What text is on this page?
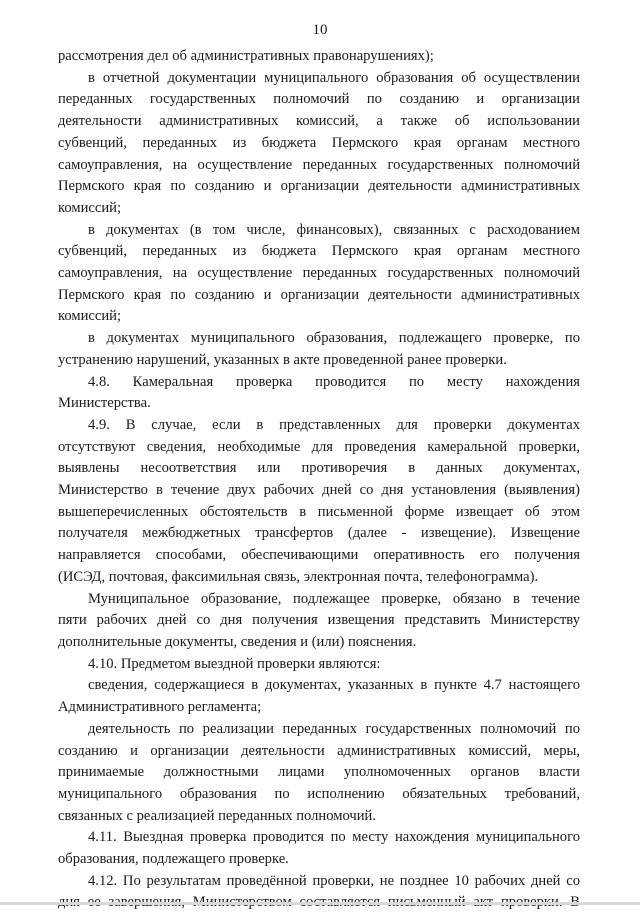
10
рассмотрения дел об административных правонарушениях);
в отчетной документации муниципального образования об осуществлении
переданных государственных полномочий по созданию и организации
деятельности административных комиссий, а также об использовании
субвенций, переданных из бюджета Пермского края органам местного
самоуправления, на осуществление переданных государственных полномочий
Пермского края по созданию и организации деятельности административных
комиссий;
в документах (в том числе, финансовых), связанных с расходованием
субвенций, переданных из бюджета Пермского края органам местного
самоуправления, на осуществление переданных государственных полномочий
Пермского края по созданию и организации деятельности административных
комиссий;
в документах муниципального образования, подлежащего проверке, по
устранению нарушений, указанных в акте проведенной ранее проверки.
4.8. Камеральная проверка проводится по месту нахождения
Министерства.
4.9. В случае, если в представленных для проверки документах
отсутствуют сведения, необходимые для проведения камеральной проверки,
выявлены несоответствия или противоречия в данных документах,
Министерство в течение двух рабочих дней со дня установления (выявления)
вышеперечисленных обстоятельств в письменной форме извещает об этом
получателя межбюджетных трансфертов (далее - извещение). Извещение
направляется способами, обеспечивающими оперативность его получения
(ИСЭД, почтовая, факсимильная связь, электронная почта, телефонограмма).
Муниципальное образование, подлежащее проверке, обязано в течение
пяти рабочих дней со дня получения извещения представить Министерству
дополнительные документы, сведения и (или) пояснения.
4.10. Предметом выездной проверки являются:
сведения, содержащиеся в документах, указанных в пункте 4.7 настоящего
Административного регламента;
деятельность по реализации переданных государственных полномочий по
созданию и организации деятельности административных комиссий, меры,
принимаемые должностными лицами уполномоченных органов власти
муниципального образования по исполнению обязательных требований,
связанных с реализацией переданных полномочий.
4.11. Выездная проверка проводится по месту нахождения муниципального
образования, подлежащего проверке.
4.12. По результатам проведённой проверки, не позднее 10 рабочих дней со
